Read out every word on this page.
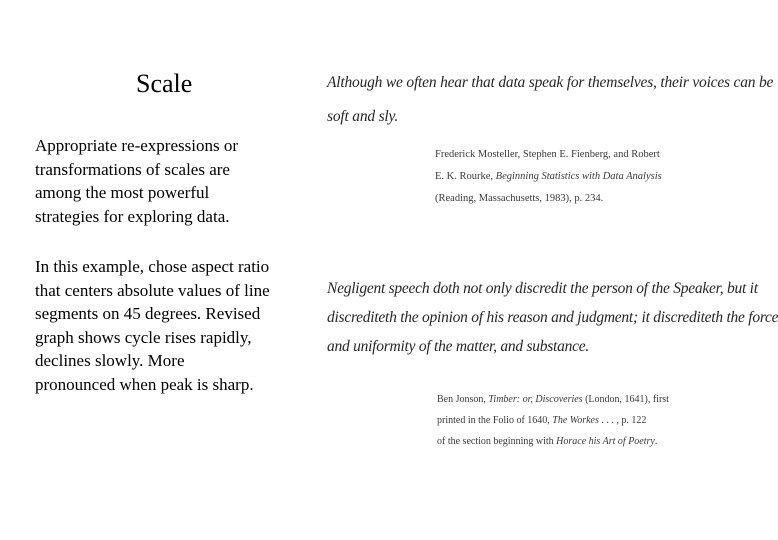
Scale
Appropriate re-expressions or
transformations of scales are
among the most powerful
strategies for exploring data.
In this example, chose aspect ratio
that centers absolute values of line
segments on 45 degrees. Revised
graph shows cycle rises rapidly,
declines slowly. More
pronounced when peak is sharp.
Although we often hear that data speak for themselves, their voices can be
soft and sly.
Frederick Mosteller, Stephen E. Fienberg, and Robert
E. K. Rourke, Beginning Statistics with Data Analysis
(Reading, Massachusetts, 1983), p. 234.
Negligent speech doth not only discredit the person of the Speaker, but it
discrediteth the opinion of his reason and judgment; it discrediteth the force
and uniformity of the matter, and substance.
Ben Jonson, Timber: or, Discoveries (London, 1641), first
printed in the Folio of 1640, The Workes . . . , p. 122
of the section beginning with Horace his Art of Poetry.
